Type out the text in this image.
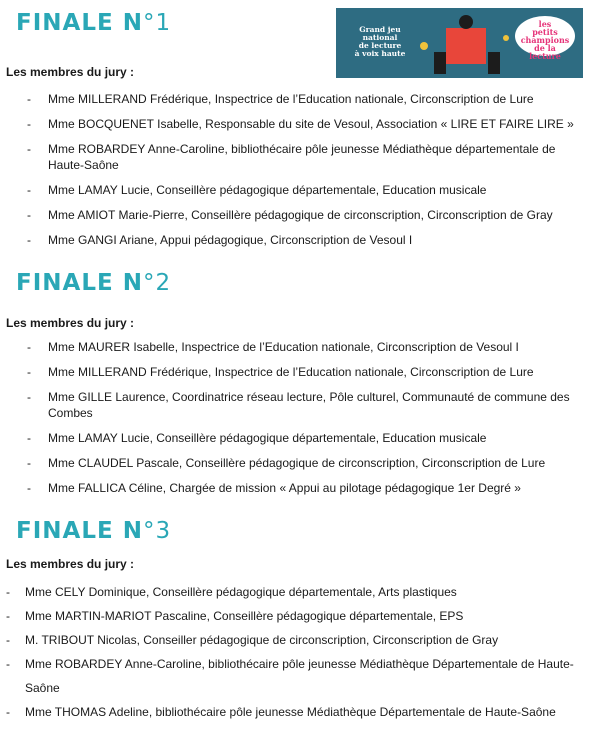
Grand jeu
national
de lecture
à voix haute
les
petits
champions
de la
lecture
FINALE N°1

Les membres du jury :

- Mme MILLERAND Frédérique, Inspectrice de l’Education nationale, Circonscription de Lure
- Mme BOCQUENET Isabelle, Responsable du site de Vesoul, Association « LIRE ET FAIRE LIRE »
- Mme ROBARDEY Anne-Caroline, bibliothécaire pôle jeunesse Médiathèque départementale de Haute-Saône
- Mme LAMAY Lucie, Conseillère pédagogique départementale, Education musicale
- Mme AMIOT Marie-Pierre, Conseillère pédagogique de circonscription, Circonscription de Gray
- Mme GANGI Ariane, Appui pédagogique, Circonscription de Vesoul I
FINALE N°2

Les membres du jury :

- Mme MAURER Isabelle, Inspectrice de l’Education nationale, Circonscription de Vesoul I
- Mme MILLERAND Frédérique, Inspectrice de l’Education nationale, Circonscription de Lure
- Mme GILLE Laurence, Coordinatrice réseau lecture, Pôle culturel, Communauté de commune des Combes
- Mme LAMAY Lucie, Conseillère pédagogique départementale, Education musicale
- Mme CLAUDEL Pascale, Conseillère pédagogique de circonscription, Circonscription de Lure
- Mme FALLICA Céline, Chargée de mission « Appui au pilotage pédagogique 1er Degré »
FINALE N°3

Les membres du jury :

- Mme CELY Dominique, Conseillère pédagogique départementale, Arts plastiques
- Mme MARTIN-MARIOT Pascaline, Conseillère pédagogique départementale, EPS
- M. TRIBOUT Nicolas, Conseiller pédagogique de circonscription, Circonscription de Gray
- Mme ROBARDEY Anne-Caroline, bibliothécaire pôle jeunesse Médiathèque Départementale de Haute-Saône
- Mme THOMAS Adeline, bibliothécaire pôle jeunesse Médiathèque Départementale de Haute-Saône
